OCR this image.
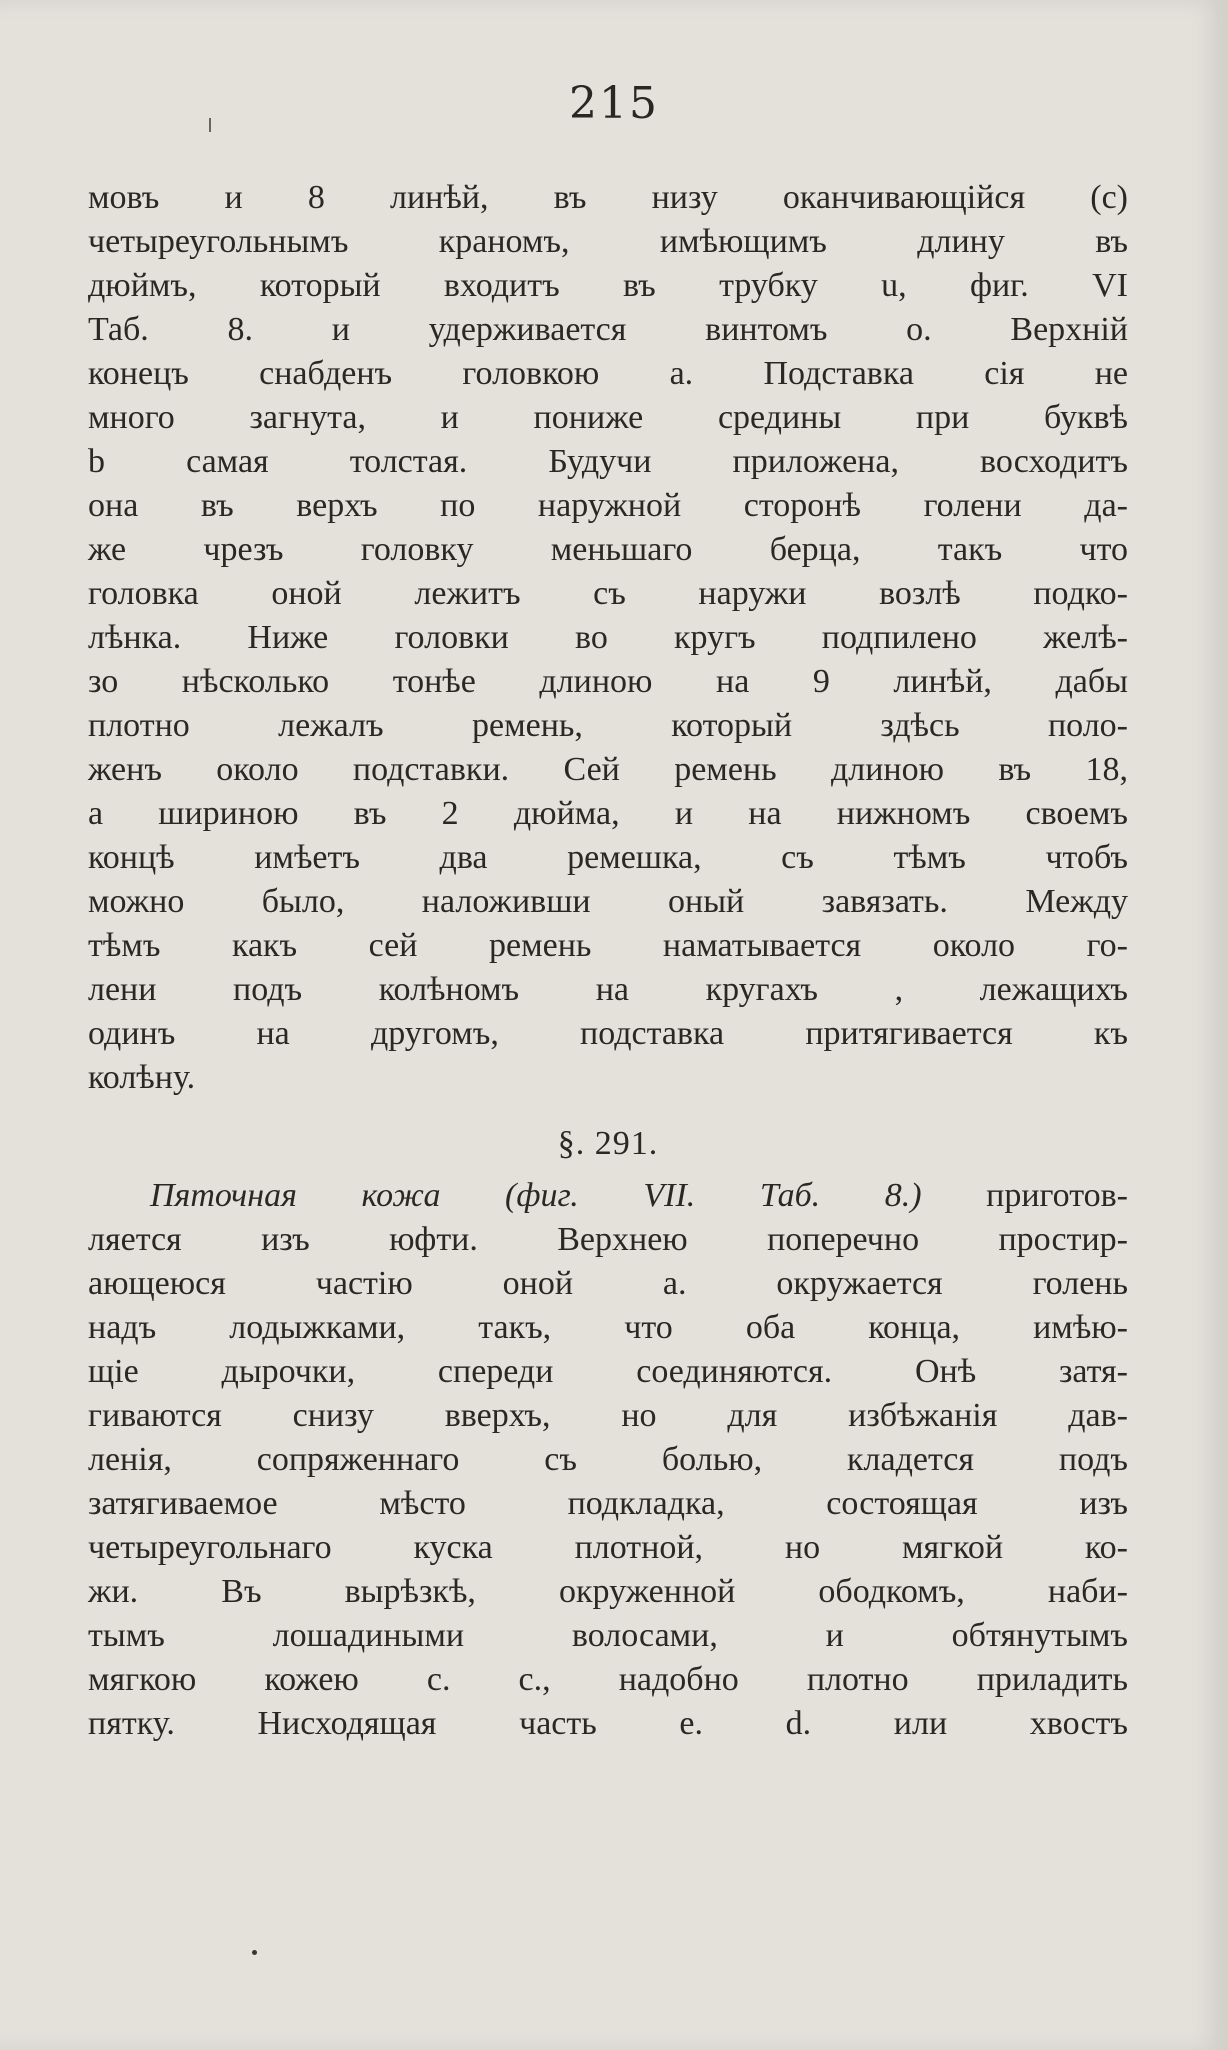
215
мовъ и 8 линѣй, въ низу оканчивающійся (c)
четыреугольнымъ краномъ, имѣющимъ длину въ
дюймъ, который входитъ въ трубку u, фиг. VI
Таб. 8. и удерживается винтомъ o. Верхній
конецъ снабденъ головкою a. Подставка сія не
много загнута, и пониже средины при буквѣ
b самая толстая. Будучи приложена, восходитъ
она въ верхъ по наружной сторонѣ голени да-
же чрезъ головку меньшаго берца, такъ что
головка оной лежитъ съ наружи возлѣ подко-
лѣнка. Ниже головки во кругъ подпилено желѣ-
зо нѣсколько тонѣе длиною на 9 линѣй, дабы
плотно лежалъ ремень, который здѣсь поло-
женъ около подставки. Сей ремень длиною въ 18,
а шириною въ 2 дюйма, и на нижномъ своемъ
концѣ имѣетъ два ремешка, съ тѣмъ чтобъ
можно было, наложивши оный завязать. Между
тѣмъ какъ сей ремень наматывается около го-
лени подъ колѣномъ на кругахъ , лежащихъ
одинъ на другомъ, подставка притягивается къ
колѣну.
§. 291.
Пяточная кожа (фиг. VII. Таб. 8.) приготов-
ляется изъ юфти. Верхнею поперечно простир-
ающеюся частію оной a. окружается голень
надъ лодыжками, такъ, что оба конца, имѣю-
щіе дырочки, спереди соединяются. Онѣ затя-
гиваются снизу вверхъ, но для избѣжанія дав-
ленія, сопряженнаго съ болью, кладется подъ
затягиваемое мѣсто подкладка, состоящая изъ
четыреугольнаго куска плотной, но мягкой ко-
жи. Въ вырѣзкѣ, окруженной ободкомъ, наби-
тымъ лошадиными волосами, и обтянутымъ
мягкою кожею c. c., надобно плотно приладить
пятку. Нисходящая часть e. d. или хвостъ
